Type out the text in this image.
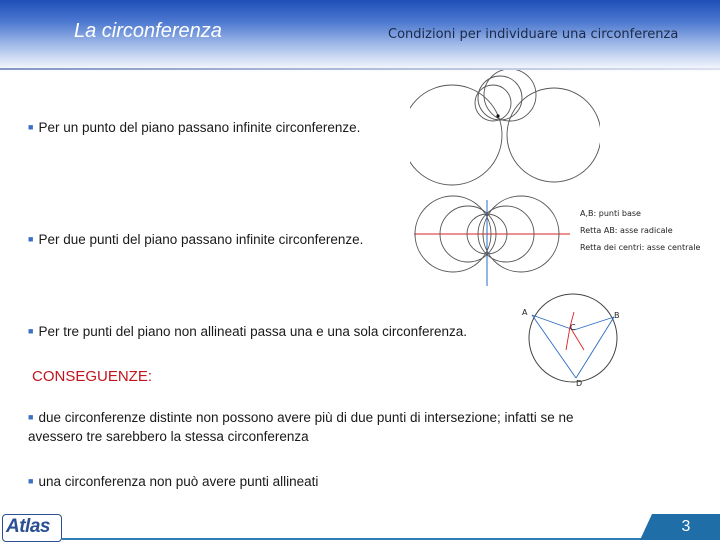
La circonferenza	Condizioni per individuare una circonferenza
■ Per un punto del piano passano infinite circonferenze.
■ Per due punti del piano passano infinite circonferenze.
A,B: punti base
Retta AB: asse radicale
Retta dei centri: asse centrale
■ Per tre punti del piano non allineati passa una e una sola circonferenza.
A	B
C
D
CONSEGUENZE:
■ due circonferenze distinte non possono avere più di due punti di intersezione; infatti se ne avessero tre sarebbero la stessa circonferenza
■ una circonferenza non può avere punti allineati
Atlas	3
